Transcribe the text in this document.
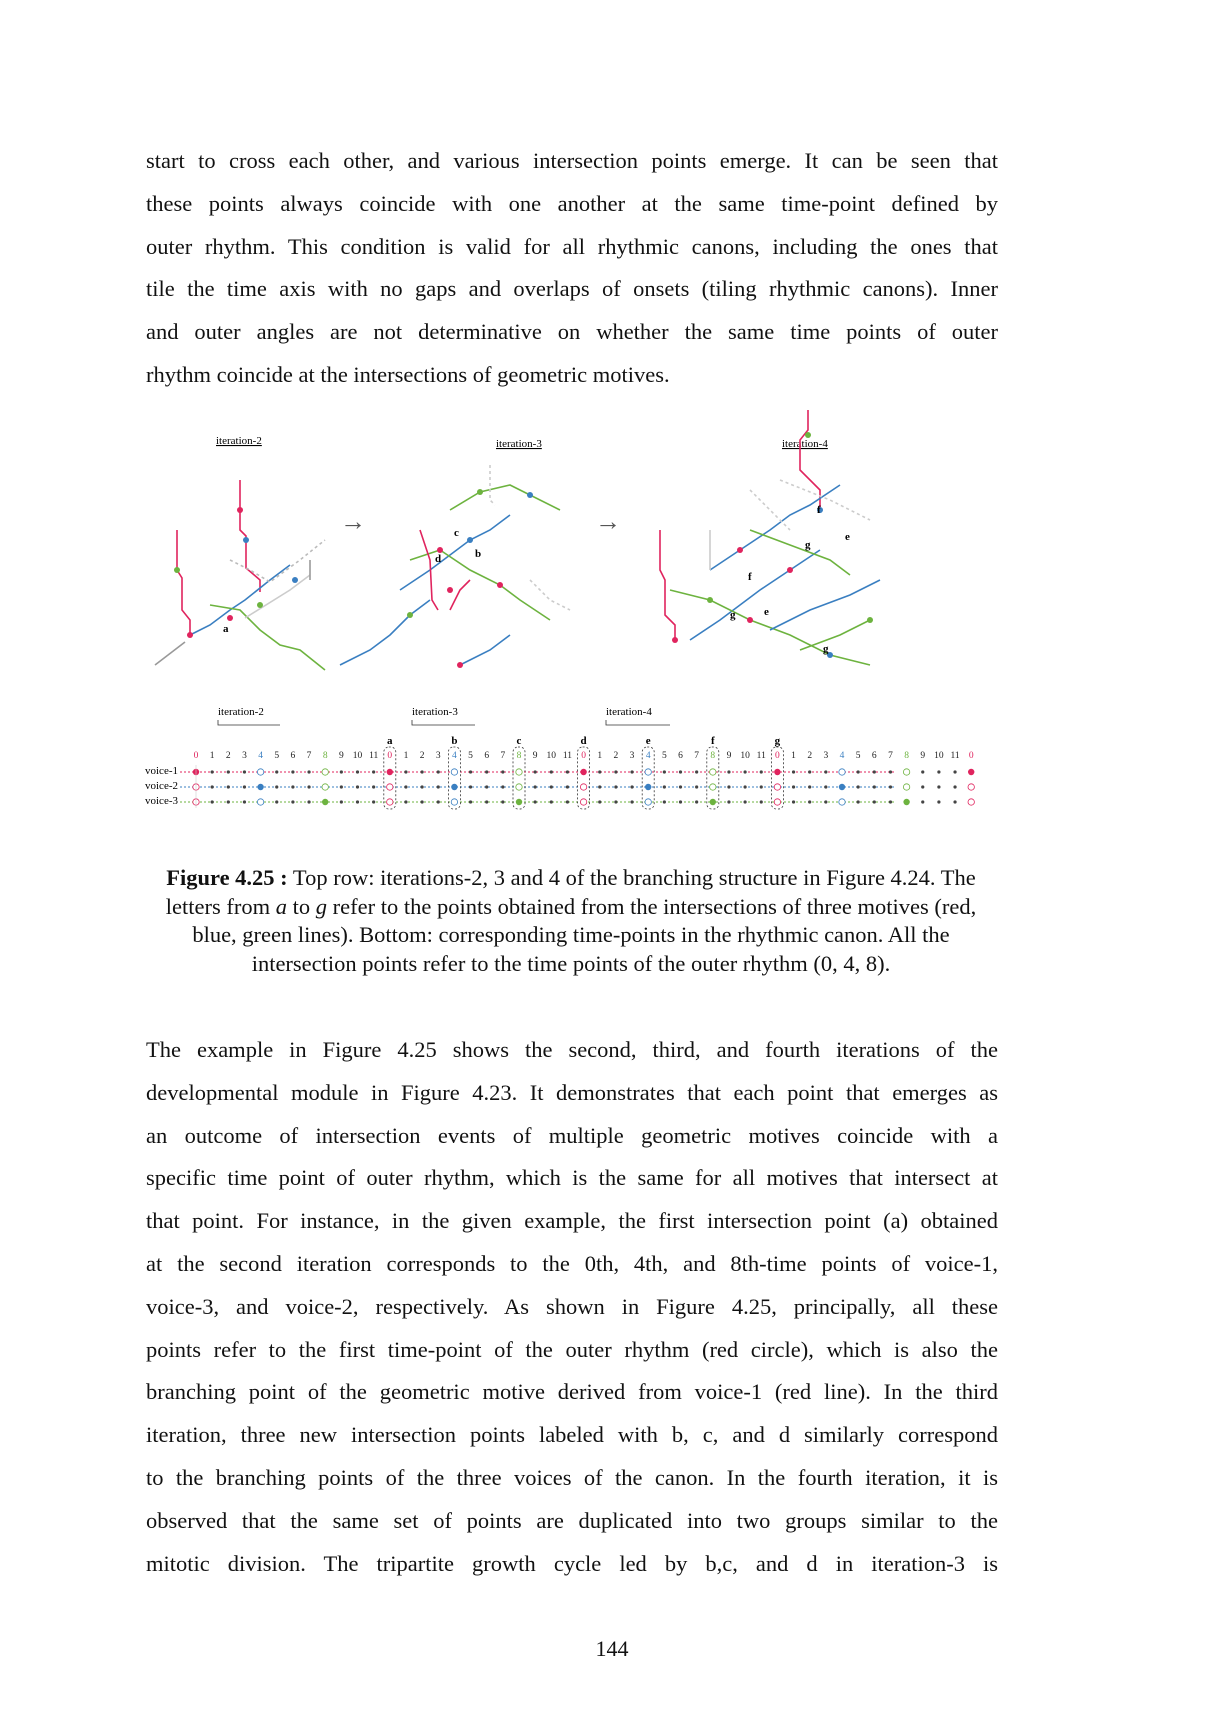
start to cross each other, and various intersection points emerge. It can be seen that
these points always coincide with one another at the same time-point defined by
outer rhythm. This condition is valid for all rhythmic canons, including the ones that
tile the time axis with no gaps and overlaps of onsets (tiling rhythmic canons). Inner
and outer angles are not determinative on whether the same time points of outer
rhythm coincide at the intersections of geometric motives.
iteration-2	iteration-3	iteration-4
a
→	c
d	b
→	f
e
g
f
g	e
g
iteration-2	iteration-3	iteration-4
voice-1
voice-2
voice-3
0 1 2 3 4 5 6 7 8 9 10 11 0 1 2 3 4 5 6 7 8 9 10 11 0 1 2 3 4 5 6 7 8 9 10 11 0 1 2 3 4 5 6 7 8 9 10 11 0
a	b	c	d	e	f	g
Figure 4.25 : Top row: iterations-2, 3 and 4 of the branching structure in Figure 4.24. The letters from a to g refer to the points obtained from the intersections of three motives (red, blue, green lines). Bottom: corresponding time-points in the rhythmic canon. All the intersection points refer to the time points of the outer rhythm (0, 4, 8).
The example in Figure 4.25 shows the second, third, and fourth iterations of the
developmental module in Figure 4.23. It demonstrates that each point that emerges as
an outcome of intersection events of multiple geometric motives coincide with a
specific time point of outer rhythm, which is the same for all motives that intersect at
that point. For instance, in the given example, the first intersection point (a) obtained
at the second iteration corresponds to the 0th, 4th, and 8th-time points of voice-1,
voice-3, and voice-2, respectively. As shown in Figure 4.25, principally, all these
points refer to the first time-point of the outer rhythm (red circle), which is also the
branching point of the geometric motive derived from voice-1 (red line). In the third
iteration, three new intersection points labeled with b, c, and d similarly correspond
to the branching points of the three voices of the canon. In the fourth iteration, it is
observed that the same set of points are duplicated into two groups similar to the
mitotic division. The tripartite growth cycle led by b,c, and d in iteration-3 is
144
